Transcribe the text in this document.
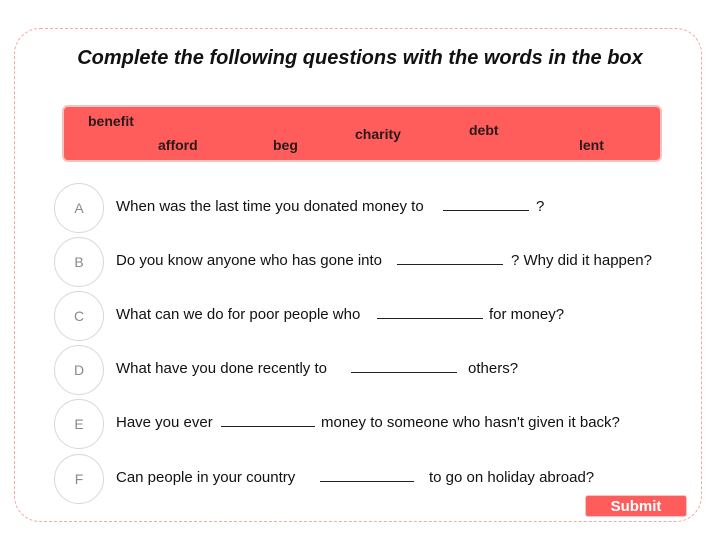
Complete the following questions with the words in the box
benefit
afford	beg
charity	debt
lent
A	When was the last time you donated money to	?
B	Do you know anyone who has gone into	? Why did it happen?
C	What can we do for poor people who	for money?
D	What have you done recently to	others?
E	Have you ever	money to someone who hasn't given it back?
F	Can people in your country	to go on holiday abroad?
Submit
